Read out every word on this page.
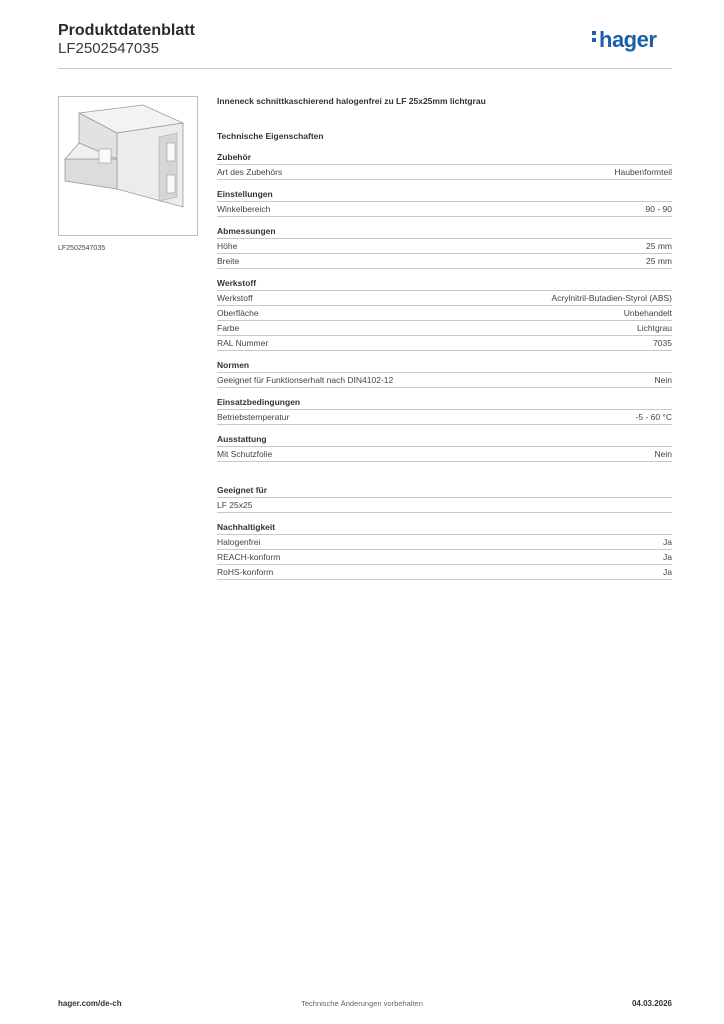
Produktdatenblatt
LF2502547035	hager
LF2502547035
Inneneck schnittkaschierend halogenfrei zu LF 25x25mm lichtgrau
Technische Eigenschaften
Zubehör
Art des Zubehörs	Haubenformteil
Einstellungen
Winkelbereich	90 - 90
Abmessungen
Höhe	25 mm
Breite	25 mm
Werkstoff
Werkstoff	Acrylnitril-Butadien-Styrol (ABS)
Oberfläche	Unbehandelt
Farbe	Lichtgrau
RAL Nummer	7035
Normen
Geeignet für Funktionserhalt nach DIN4102-12	Nein
Einsatzbedingungen
Betriebstemperatur	-5 - 60 °C
Ausstattung
Mit Schutzfolie	Nein
Geeignet für
LF 25x25
Nachhaltigkeit
Halogenfrei	Ja
REACH-konform	Ja
RoHS-konform	Ja
hager.com/de-ch	Technische Änderungen vorbehalten	04.03.2026
